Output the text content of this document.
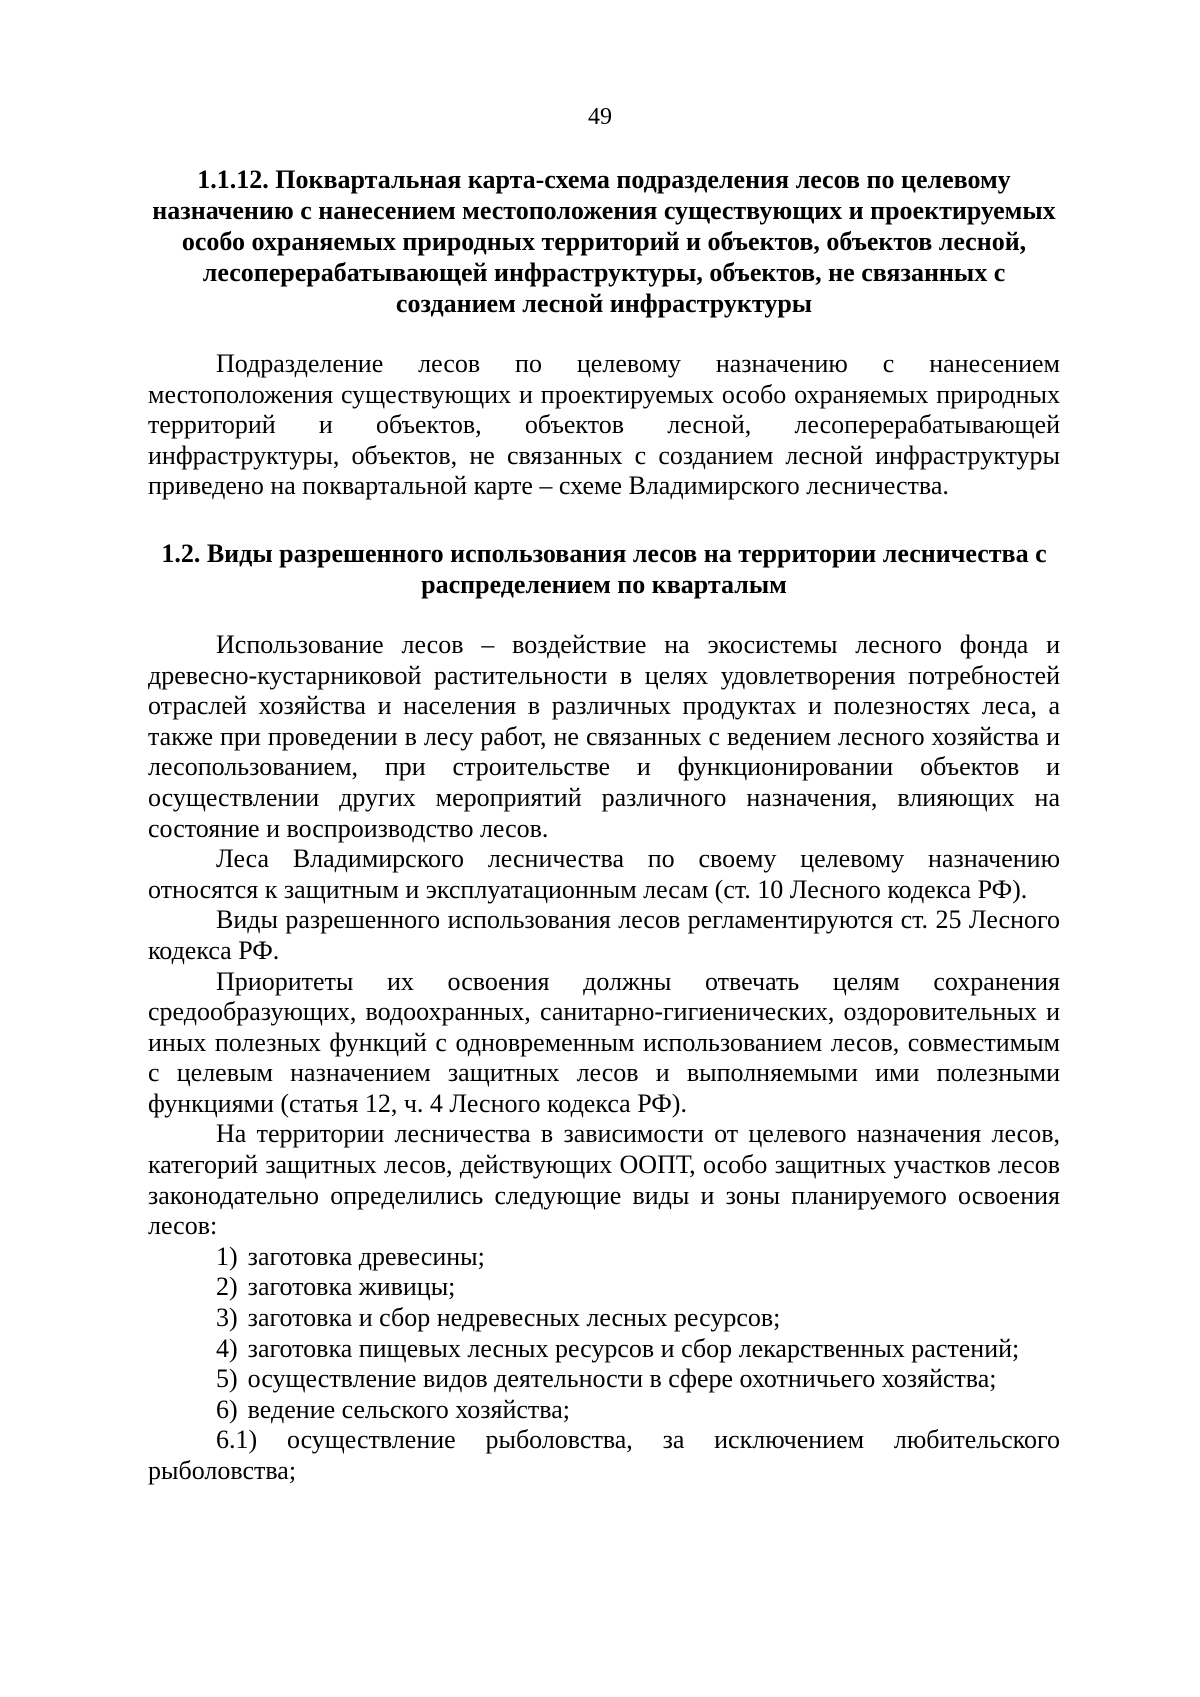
49
1.1.12. Поквартальная карта-схема подразделения лесов по целевому назначению с нанесением местоположения существующих и проектируемых особо охраняемых природных территорий и объектов, объектов лесной, лесоперерабатывающей инфраструктуры, объектов, не связанных с созданием лесной инфраструктуры

Подразделение лесов по целевому назначению с нанесением местоположения существующих и проектируемых особо охраняемых природных территорий и объектов, объектов лесной, лесоперерабатывающей инфраструктуры, объектов, не связанных с созданием лесной инфраструктуры приведено на поквартальной карте – схеме Владимирского лесничества.

1.2. Виды разрешенного использования лесов на территории лесничества с распределением по кварталым

Использование лесов – воздействие на экосистемы лесного фонда и древесно-кустарниковой растительности в целях удовлетворения потребностей отраслей хозяйства и населения в различных продуктах и полезностях леса, а также при проведении в лесу работ, не связанных с ведением лесного хозяйства и лесопользованием, при строительстве и функционировании объектов и осуществлении других мероприятий различного назначения, влияющих на состояние и воспроизводство лесов.

Леса Владимирского лесничества по своему целевому назначению относятся к защитным и эксплуатационным лесам (ст. 10 Лесного кодекса РФ).

Виды разрешенного использования лесов регламентируются ст. 25 Лесного кодекса РФ.

Приоритеты их освоения должны отвечать целям сохранения средообразующих, водоохранных, санитарно-гигиенических, оздоровительных и иных полезных функций с одновременным использованием лесов, совместимым с целевым назначением защитных лесов и выполняемыми ими полезными функциями (статья 12, ч. 4 Лесного кодекса РФ).

На территории лесничества в зависимости от целевого назначения лесов, категорий защитных лесов, действующих ООПТ, особо защитных участков лесов законодательно определились следующие виды и зоны планируемого освоения лесов:

1) заготовка древесины;
2) заготовка живицы;
3) заготовка и сбор недревесных лесных ресурсов;
4) заготовка пищевых лесных ресурсов и сбор лекарственных растений;
5) осуществление видов деятельности в сфере охотничьего хозяйства;
6) ведение сельского хозяйства;
6.1) осуществление рыболовства, за исключением любительского рыболовства;
